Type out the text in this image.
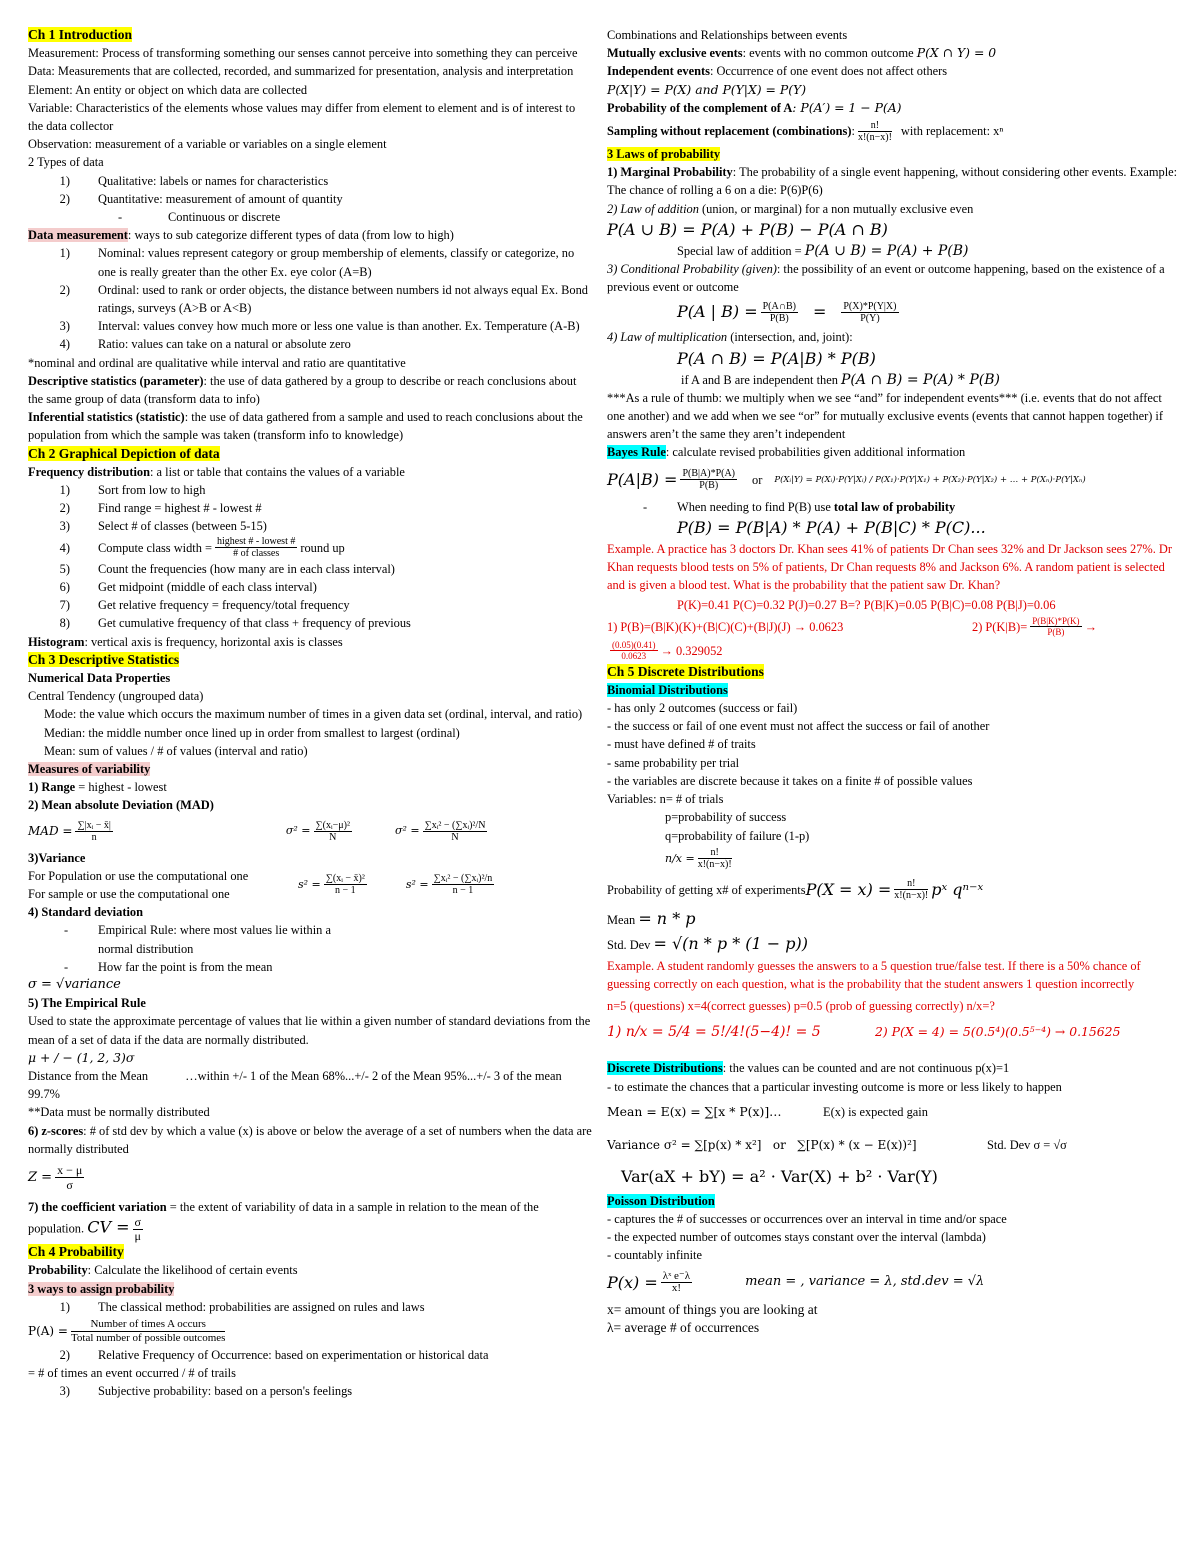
Ch 1 Introduction

Measurement: Process of transforming something our senses cannot perceive into something they can perceive

Data: Measurements that are collected, recorded, and summarized for presentation, analysis and interpretation

Element: An entity or object on which data are collected

Variable: Characteristics of the elements whose values may differ from element to element and is of interest to the data collector

Observation: measurement of a variable or variables on a single element

2 Types of data

1)	Qualitative: labels or names for characteristics
2)	Quantitative: measurement of amount of quantity

-	Continuous or discrete

Data measurement: ways to sub categorize different types of data (from low to high)

1)	Nominal: values represent category or group membership of elements, classify or categorize, no one is really greater than the other Ex. eye color (A=B)
2)	Ordinal: used to rank or order objects, the distance between numbers id not always equal Ex. Bond ratings, surveys (A>B or A<B)
3)	Interval: values convey how much more or less one value is than another. Ex. Temperature (A-B)
4)	Ratio: values can take on a natural or absolute zero

*nominal and ordinal are qualitative while interval and ratio are quantitative

Descriptive statistics (parameter): the use of data gathered by a group to describe or reach conclusions about the same group of data (transform data to info)

Inferential statistics (statistic): the use of data gathered from a sample and used to reach conclusions about the population from which the sample was taken (transform info to knowledge)

Ch 2 Graphical Depiction of data

Frequency distribution: a list or table that contains the values of a variable

1)	Sort from low to high
2)	Find range = highest # - lowest #
3)	Select # of classes (between 5-15)
4)	Compute class width = $\frac{\text{highest \# - lowest \#}}{\text{\# of classes}}$ round up
5)	Count the frequencies (how many are in each class interval)
6)	Get midpoint (middle of each class interval)
7)	Get relative frequency = frequency/total frequency
8)	Get cumulative frequency of that class + frequency of previous

Histogram: vertical axis is frequency, horizontal axis is classes

Ch 3 Descriptive Statistics

Numerical Data Properties

Central Tendency (ungrouped data)

Mode: the value which occurs the maximum number of times in a given data set (ordinal, interval, and ratio)

Median: the middle number once lined up in order from smallest to largest (ordinal)

Mean: sum of values / # of values (interval and ratio)

Measures of variability

1) Range = highest - lowest

2) Mean absolute Deviation (MAD)

MAD = $\frac{\text{∑|xᵢ − x̄|}}{n}$	$\sigma^2 = \frac{\text{∑(xᵢ−μ)²}}{N}$	$\sigma^2 = \frac{\text{∑xᵢ² − (∑xᵢ)²/N}}{N}$

3)Variance

For Population or use the computational one

For sample or use the computational one

$s^2 = \frac{\text{∑(xᵢ − x̄)²}}{n - 1}$	$s^2 = \frac{\text{∑xᵢ² − (∑xᵢ)²/n}}{n - 1}$

4) Standard deviation

-	Empirical Rule: where most values lie within a normal distribution
-	How far the point is from the mean

σ = √variance

5) The Empirical Rule

Used to state the approximate percentage of values that lie within a given number of standard deviations from the mean of a set of data if the data are normally distributed.

μ + / − (1, 2, 3)σ

Distance from the Mean            …within +/- 1 of the Mean 68%...+/- 2 of the Mean 95%...+/- 3 of the mean 99.7%

**Data must be normally distributed

6) z-scores: # of std dev by which a value (x) is above or below the average of a set of numbers when the data are normally distributed

$Z = \frac{x - \mu}{\sigma}$

7) the coefficient variation = the extent of variability of data in a sample in relation to the mean of the population. CV = $\frac{\sigma}{\mu}$

Ch 4 Probability

Probability: Calculate the likelihood of certain events

3 ways to assign probability

1)	The classical method: probabilities are assigned on rules and laws
$P(A) = \frac{\text{Number of times A occurs}}{\text{Total number of possible outcomes}}$
2)	Relative Frequency of Occurrence: based on experimentation or historical data

= # of times an event occurred / # of trails

3)	Subjective probability: based on a person's feelings

Combinations and Relationships between events

Mutually exclusive events: events with no common outcome P(X ∩ Y) = 0

Independent events: Occurrence of one event does not affect others

P(X|Y) = P(X) and P(Y|X) = P(Y)

Probability of the complement of A: P(A′) = 1 − P(A)

Sampling without replacement (combinations) : $\frac{n!}{x!(n-x)!}$ with replacement: xⁿ

3 Laws of probability

1) Marginal Probability: The probability of a single event happening, without considering other events. Example: The chance of rolling a 6 on a die: P(6)P(6)

2) Law of addition (union, or marginal) for a non mutually exclusive even

P(A ∪ B) = P(A) + P(B) − P(A ∩ B)

Special law of addition = P(A ∪ B) = P(A) + P(B)

3) Conditional Probability (given): the possibility of an event or outcome happening, based on the existence of a previous event or outcome

P(A | $B) = \frac{P(A\cap B)}{P(B)} = \frac{P(X)*P(Y|X)}{P(Y)}$

4) Law of multiplication (intersection, and, joint):

P(A ∩ B) = P(A|B) * P(B)

if A and B are independent then P(A ∩ B) = P(A) * P(B)

***As a rule of thumb: we multiply when we see “and” for independent events*** (i.e. events that do not affect one another) and we add when we see “or” for mutually exclusive events (events that cannot happen together) if answers aren’t the same they aren’t independent

Bayes Rule: calculate revised probabilities given additional information

$P(A|B) = \frac{P(B|A)*P(A)}{P(B)}$ or P(Xᵢ|Y) = P(Xᵢ)·P(Y|Xᵢ) / P(X₁)·P(Y|X₁) + P(X₂)·P(Y|X₂) + … + P(Xₙ)·P(Y|Xₙ)

- When needing to find P(B) use total law of probability

P(B) = P(B|A) * P(A) + P(B|C) * P(C)...

Example. A practice has 3 doctors Dr. Khan sees 41% of patients Dr Chan sees 32% and Dr Jackson sees 27%. Dr Khan requests blood tests on 5% of patients, Dr Chan requests 8% and Jackson 6%. A random patient is selected and is given a blood test. What is the probability that the patient saw Dr. Khan?

P(K)=0.41 P(C)=0.32 P(J)=0.27 B=? P(B|K)=0.05 P(B|C)=0.08 P(B|J)=0.06

1) P(B)=(B|K)(K)+(B|C)(C)+(B|J)(J) → 0.0623	2) $P(K|B)= \frac{P(B|K)*P(K)}{P(B)}$ →
$\frac{(0.05)(0.41)}{0.0623} \to 0.329052$

Ch 5 Discrete Distributions

Binomial Distributions

- has only 2 outcomes (success or fail)

- the success or fail of one event must not affect the success or fail of another

- must have defined # of traits

- same probability per trial

- the variables are discrete because it takes on a finite # of possible values

Variables: n= # of trials

p=probability of success

q=probability of failure (1-p)

$n/x = \frac{n!}{x!(n-x)!}$
Probability of getting x# of experiments $P(X = x) = \frac{n!}{x!(n-x)!}$ pˣ qⁿ⁻ˣ

Mean = n * p

Std. Dev = √(n * p * (1 − p))

Example. A student randomly guesses the answers to a 5 question true/false test. If there is a 50% chance of guessing correctly on each question, what is the probability that the student answers 1 question incorrectly

n=5 (questions) x=4(correct guesses) p=0.5 (prob of guessing correctly) n/x=?

1) n/x = 5/4 = 5!/4!(5−4)! = 5	2) P(X = 4) = 5(0.5⁴)(0.5⁵⁻⁴) → 0.15625

Discrete Distributions: the values can be counted and are not continuous p(x)=1

- to estimate the chances that a particular investing outcome is more or less likely to happen

Mean = E(x) = ∑[x * P(x)]…	E(x) is expected gain
Variance σ² = ∑[p(x) * x²]   or   ∑[P(x) * (x − E(x))²]	Std. Dev σ = √σ

Var(aX + bY) = a² · Var(X) + b² · Var(Y)

Poisson Distribution

- captures the # of successes or occurrences over an interval in time and/or space

- the expected number of outcomes stays constant over the interval (lambda)

- countably infinite

$P(x) = \frac{\text{λˣ e⁻λ}}{x!}$	mean = , variance = λ, std.dev = √λ

x= amount of things you are looking at

λ= average # of occurrences
